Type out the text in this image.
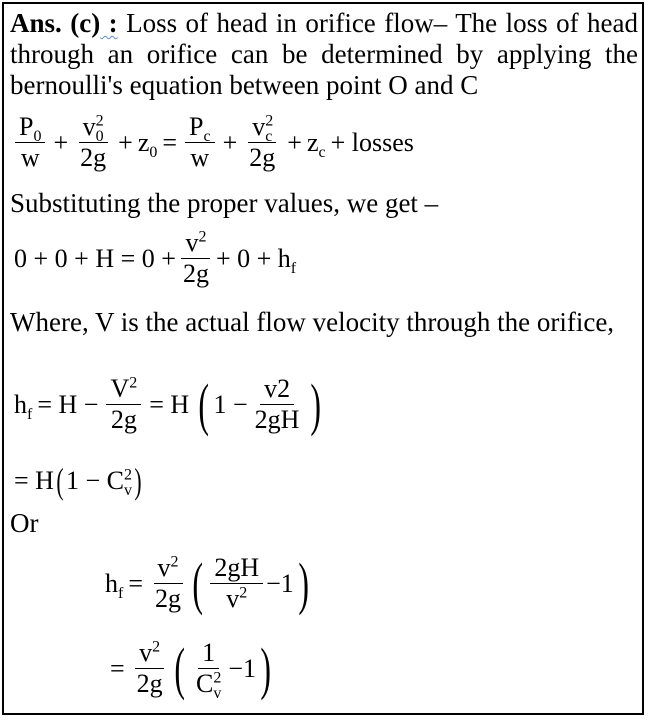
Ans. (c) : Loss of head in orifice flow– The loss of head through an orifice can be determined by applying the bernoulli's equation between point O and C
$\frac{P_0}{w} + \frac{v^2_0}{2g} + z_0 = \frac{P_c}{w} + \frac{v^2_c}{2g} + z_c$ + losses
Substituting the proper values, we get –
$0 + 0 + H = 0 + \frac{v^2}{2g} + 0 + h_f$
Where, V is the actual flow velocity through the orifice,
$h_f = H - \frac{V^2}{2g} = H$ ( $1 - \frac{v2}{2gH}$ )
= H ( $1 - C^2_v$ )
Or
$h_f = \frac{v^2}{2g}$ ( $\frac{2gH}{v^2} -1$ )
= $\frac{v^2}{2g}$ ( $\frac{1}{C^2_v} -1$ )
